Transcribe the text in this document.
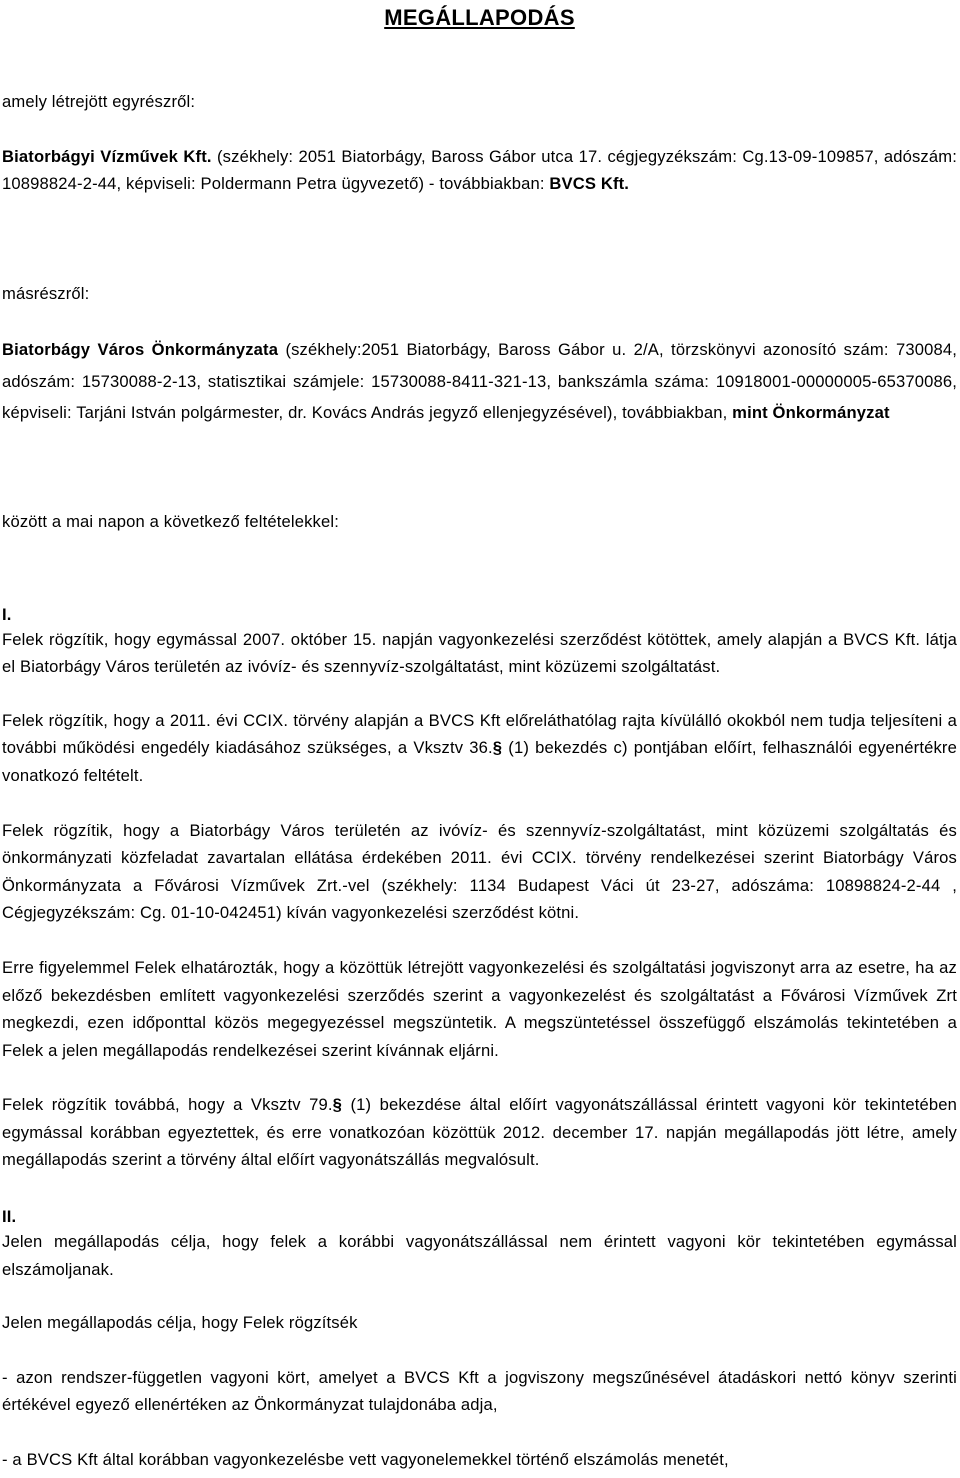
MEGÁLLAPODÁS

amely létrejött egyrészről:

Biatorbágyi Vízművek Kft. (székhely: 2051 Biatorbágy, Baross Gábor utca 17. cégjegyzékszám: Cg.13-09-109857, adószám: 10898824-2-44, képviseli: Poldermann Petra ügyvezető) - továbbiakban: BVCS Kft.

másrészről:

Biatorbágy Város Önkormányzata (székhely:2051 Biatorbágy, Baross Gábor u. 2/A, törzskönyvi azonosító szám: 730084, adószám: 15730088-2-13, statisztikai számjele: 15730088-8411-321-13, bankszámla száma: 10918001-00000005-65370086, képviseli: Tarjáni István polgármester, dr. Kovács András jegyző ellenjegyzésével), továbbiakban, mint Önkormányzat

között a mai napon a következő feltételekkel:

I.

Felek rögzítik, hogy egymással 2007. október 15. napján vagyonkezelési szerződést kötöttek, amely alapján a BVCS Kft. látja el Biatorbágy Város területén az ivóvíz- és szennyvíz-szolgáltatást, mint közüzemi szolgáltatást.

Felek rögzítik, hogy a 2011. évi CCIX. törvény alapján a BVCS Kft előreláthatólag rajta kívülálló okokból nem tudja teljesíteni a további működési engedély kiadásához szükséges, a Vksztv 36.§ (1) bekezdés c) pontjában előírt, felhasználói egyenértékre vonatkozó feltételt.

Felek rögzítik, hogy a Biatorbágy Város területén az ivóvíz- és szennyvíz-szolgáltatást, mint közüzemi szolgáltatás és önkormányzati közfeladat zavartalan ellátása érdekében 2011. évi CCIX. törvény rendelkezései szerint Biatorbágy Város Önkormányzata a Fővárosi Vízművek Zrt.-vel (székhely: 1134 Budapest Váci út 23-27, adószáma: 10898824-2-44 , Cégjegyzékszám: Cg. 01-10-042451) kíván vagyonkezelési szerződést kötni.

Erre figyelemmel Felek elhatározták, hogy a közöttük létrejött vagyonkezelési és szolgáltatási jogviszonyt arra az esetre, ha az előző bekezdésben említett vagyonkezelési szerződés szerint a vagyonkezelést és szolgáltatást a Fővárosi Vízművek Zrt megkezdi, ezen időponttal közös megegyezéssel megszüntetik. A megszüntetéssel összefüggő elszámolás tekintetében a Felek a jelen megállapodás rendelkezései szerint kívánnak eljárni.

Felek rögzítik továbbá, hogy a Vksztv 79.§ (1) bekezdése által előírt vagyonátszállással érintett vagyoni kör tekintetében egymással korábban egyeztettek, és erre vonatkozóan közöttük 2012. december 17. napján megállapodás jött létre, amely megállapodás szerint a törvény által előírt vagyonátszállás megvalósult.

II.

Jelen megállapodás célja, hogy felek a korábbi vagyonátszállással nem érintett vagyoni kör tekintetében egymással elszámoljanak.

Jelen megállapodás célja, hogy Felek rögzítsék

- azon rendszer-független vagyoni kört, amelyet a BVCS Kft a jogviszony megszűnésével átadáskori nettó könyv szerinti értékével egyező ellenértéken az Önkormányzat tulajdonába adja,

- a BVCS Kft által korábban vagyonkezelésbe vett vagyonelemekkel történő elszámolás menetét,
